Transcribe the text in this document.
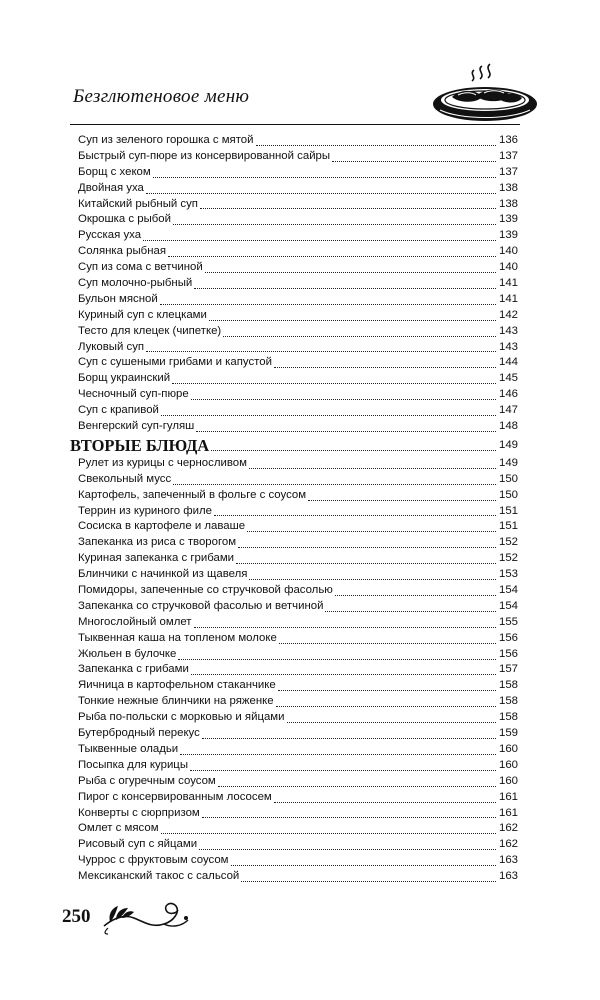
Безглютеновое меню
Суп из зеленого горошка с мятой	136
Быстрый суп-пюре из консервированной сайры	137
Борщ с хеком	137
Двойная уха	138
Китайский рыбный суп	138
Окрошка с рыбой	139
Русская уха	139
Солянка рыбная	140
Суп из сома с ветчиной	140
Суп молочно-рыбный	141
Бульон мясной	141
Куриный суп с клецками	142
Тесто для клецек (чипетке)	143
Луковый суп	143
Суп с сушеными грибами и капустой	144
Борщ украинский	145
Чесночный суп-пюре	146
Суп с крапивой	147
Венгерский суп-гуляш	148
ВТОРЫЕ БЛЮДА	149
Рулет из курицы с черносливом	149
Свекольный мусс	150
Картофель, запеченный в фольге с соусом	150
Террин из куриного филе	151
Сосиска в картофеле и лаваше	151
Запеканка из риса с творогом	152
Куриная запеканка с грибами	152
Блинчики с начинкой из щавеля	153
Помидоры, запеченные со стручковой фасолью	154
Запеканка со стручковой фасолью и ветчиной	154
Многослойный омлет	155
Тыквенная каша на топленом молоке	156
Жюльен в булочке	156
Запеканка с грибами	157
Яичница в картофельном стаканчике	158
Тонкие нежные блинчики на ряженке	158
Рыба по-польски с морковью и яйцами	158
Бутербродный перекус	159
Тыквенные оладьи	160
Посыпка для курицы	160
Рыба с огуречным соусом	160
Пирог с консервированным лососем	161
Конверты с сюрпризом	161
Омлет с мясом	162
Рисовый суп с яйцами	162
Чуррос с фруктовым соусом	163
Мексиканский такос с сальсой	163
250
